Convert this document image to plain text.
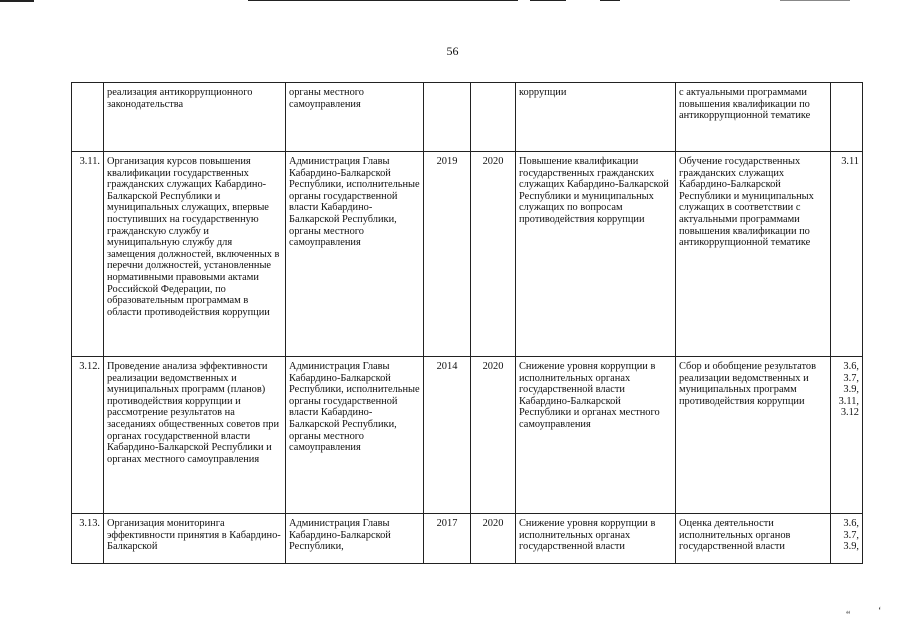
56
	реализация антикоррупционного законодательства	органы местного самоуправления			коррупции	с актуальными программами повышения квалификации по антикоррупционной тематике	
3.11.	Организация курсов повышения квалификации государственных гражданских служащих Кабардино-Балкарской Республики и муниципальных служащих, впервые поступивших на государственную гражданскую службу и муниципальную службу для замещения должностей, включенных в перечни должностей, установленные нормативными правовыми актами Российской Федерации, по образовательным программам в области противодействия коррупции	Администрация Главы Кабардино-Балкарской Республики, исполнительные органы государственной власти Кабардино-Балкарской Республики, органы местного самоуправления	2019	2020	Повышение квалификации государственных гражданских служащих Кабардино-Балкарской Республики и муниципальных служащих по вопросам противодействия коррупции	Обучение государственных гражданских служащих Кабардино-Балкарской Республики и муниципальных служащих в соответствии с актуальными программами повышения квалификации по антикоррупционной тематике	3.11
3.12.	Проведение анализа эффективности реализации ведомственных и муниципальных программ (планов) противодействия коррупции и рассмотрение результатов на заседаниях общественных советов при органах государственной власти Кабардино-Балкарской Республики и органах местного самоуправления	Администрация Главы Кабардино-Балкарской Республики, исполнительные органы государственной власти Кабардино-Балкарской Республики, органы местного самоуправления	2014	2020	Снижение уровня коррупции в исполнительных органах государственной власти Кабардино-Балкарской Республики и органах местного самоуправления	Сбор и обобщение результатов реализации ведомственных и муниципальных программ противодействия коррупции	3.6, 3.7, 3.9, 3.11, 3.12
3.13.	Организация мониторинга эффективности принятия в Кабардино-Балкарской	Администрация Главы Кабардино-Балкарской Республики,	2017	2020	Снижение уровня коррупции в исполнительных органах государственной власти	Оценка деятельности исполнительных органов государственной власти	3.6, 3.7, 3.9,
“	‘
